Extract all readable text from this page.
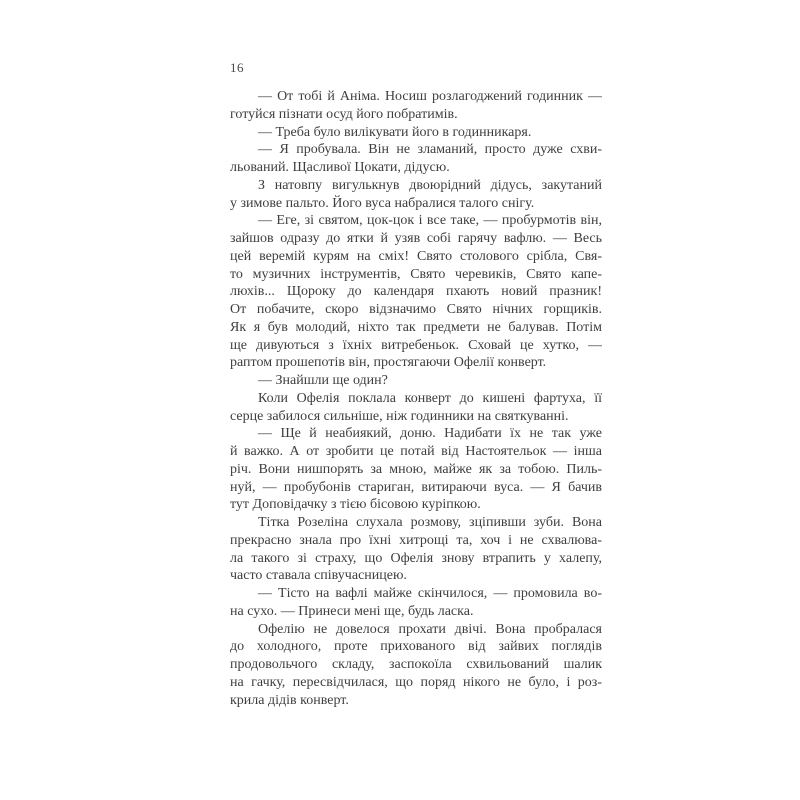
16
— От тобі й Аніма. Носиш розлагоджений годинник —
готуйся пізнати осуд його побратимів.
— Треба було вилікувати його в годинникаря.
— Я пробувала. Він не зламаний, просто дуже схви-
льований. Щасливої Цокати, дідусю.
З натовпу вигулькнув двоюрідний дідусь, закутаний
у зимове пальто. Його вуса набралися талого снігу.
— Еге, зі святом, цок-цок і все таке, — пробурмотів він,
зайшов одразу до ятки й узяв собі гарячу вафлю. — Весь
цей веремій курям на сміх! Свято столового срібла, Свя-
то музичних інструментів, Свято черевиків, Свято капе-
люхів... Щороку до календаря пхають новий празник!
От побачите, скоро відзначимо Свято нічних горщиків.
Як я був молодий, ніхто так предмети не балував. Потім
ще дивуються з їхніх витребеньок. Сховай це хутко, —
раптом прошепотів він, простягаючи Офелії конверт.
— Знайшли ще один?
Коли Офелія поклала конверт до кишені фартуха, її
серце забилося сильніше, ніж годинники на святкуванні.
— Ще й неабиякий, доню. Надибати їх не так уже
й важко. А от зробити це потай від Настоятельок — інша
річ. Вони нишпорять за мною, майже як за тобою. Пиль-
нуй, — пробубонів стариган, витираючи вуса. — Я бачив
тут Доповідачку з тією бісовою куріпкою.
Тітка Розеліна слухала розмову, зціпивши зуби. Вона
прекрасно знала про їхні хитрощі та, хоч і не схвалюва-
ла такого зі страху, що Офелія знову втрапить у халепу,
часто ставала співучасницею.
— Тісто на вафлі майже скінчилося, — промовила во-
на сухо. — Принеси мені ще, будь ласка.
Офелію не довелося прохати двічі. Вона пробралася
до холодного, проте прихованого від зайвих поглядів
продовольчого складу, заспокоїла схвильований шалик
на гачку, пересвідчилася, що поряд нікого не було, і роз-
крила дідів конверт.
